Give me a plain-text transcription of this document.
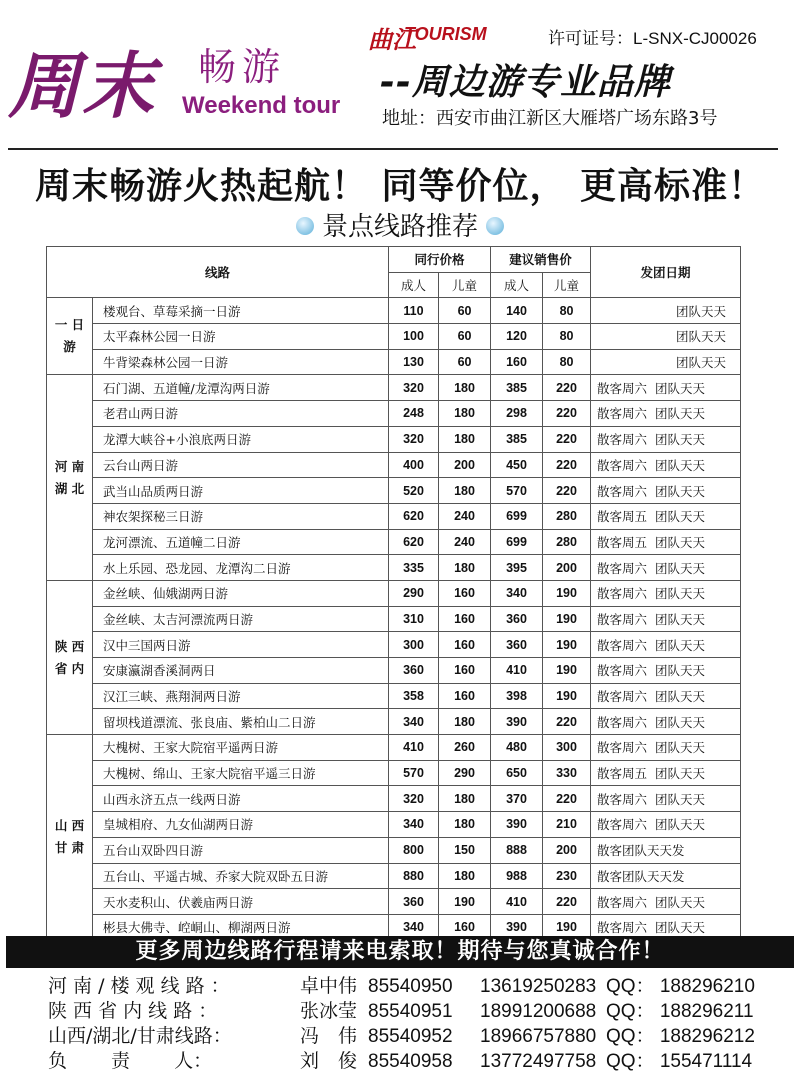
周末 畅游
Weekend tour
曲江
TOURISM	许可证号：L-SNX-CJ00026
--周边游专业品牌
地址：西安市曲江新区大雁塔广场东路3号
周末畅游火热起航！ 同等价位， 更高标准！
景点线路推荐
线路		同行价格		建议销售价		发团日期
		成人	儿童	成人	儿童	
一 日 游	楼观台、草莓采摘一日游	110	60	140	80	团队天天
	太平森林公园一日游	100	60	120	80	团队天天
	牛背梁森林公园一日游	130	60	160	80	团队天天
河 南 湖 北	石门湖、五道幢/龙潭沟两日游	320	180	385	220	散客周六  团队天天
	老君山两日游	248	180	298	220	散客周六  团队天天
	龙潭大峡谷+小浪底两日游	320	180	385	220	散客周六  团队天天
	云台山两日游	400	200	450	220	散客周六  团队天天
	武当山品质两日游	520	180	570	220	散客周六  团队天天
	神农架探秘三日游	620	240	699	280	散客周五  团队天天
	龙河漂流、五道幢二日游	620	240	699	280	散客周五  团队天天
	水上乐园、恐龙园、龙潭沟二日游	335	180	395	200	散客周六  团队天天
陕 西 省 内	金丝峡、仙娥湖两日游	290	160	340	190	散客周六  团队天天
	金丝峡、太吉河漂流两日游	310	160	360	190	散客周六  团队天天
	汉中三国两日游	300	160	360	190	散客周六  团队天天
	安康瀛湖香溪洞两日	360	160	410	190	散客周六  团队天天
	汉江三峡、燕翔洞两日游	358	160	398	190	散客周六  团队天天
	留坝栈道漂流、张良庙、紫柏山二日游	340	180	390	220	散客周六  团队天天
山 西 甘 肃	大槐树、王家大院宿平遥两日游	410	260	480	300	散客周六  团队天天
	大槐树、绵山、王家大院宿平遥三日游	570	290	650	330	散客周五  团队天天
	山西永济五点一线两日游	320	180	370	220	散客周六  团队天天
	皇城相府、九女仙湖两日游	340	180	390	210	散客周六  团队天天
	五台山双卧四日游	800	150	888	200	散客团队天天发
	五台山、平遥古城、乔家大院双卧五日游	880	180	988	230	散客团队天天发
	天水麦积山、伏羲庙两日游	360	190	410	220	散客周六  团队天天
	彬县大佛寺、崆峒山、柳湖两日游	340	160	390	190	散客周六  团队天天
更多周边线路行程请来电索取！期待与您真诚合作！
河 南 / 楼 观 线 路 ：	卓中伟 85540950 13619250283 QQ： 188296210
陕 西 省 内 线 路 ：	张冰莹 85540951 18991200688 QQ： 188296211
山西/湖北/甘肃线路：	冯　伟 85540952 18966757880 QQ： 188296212
负　　 责　　 人：	刘　俊 85540958 13772497758 QQ： 155471114
